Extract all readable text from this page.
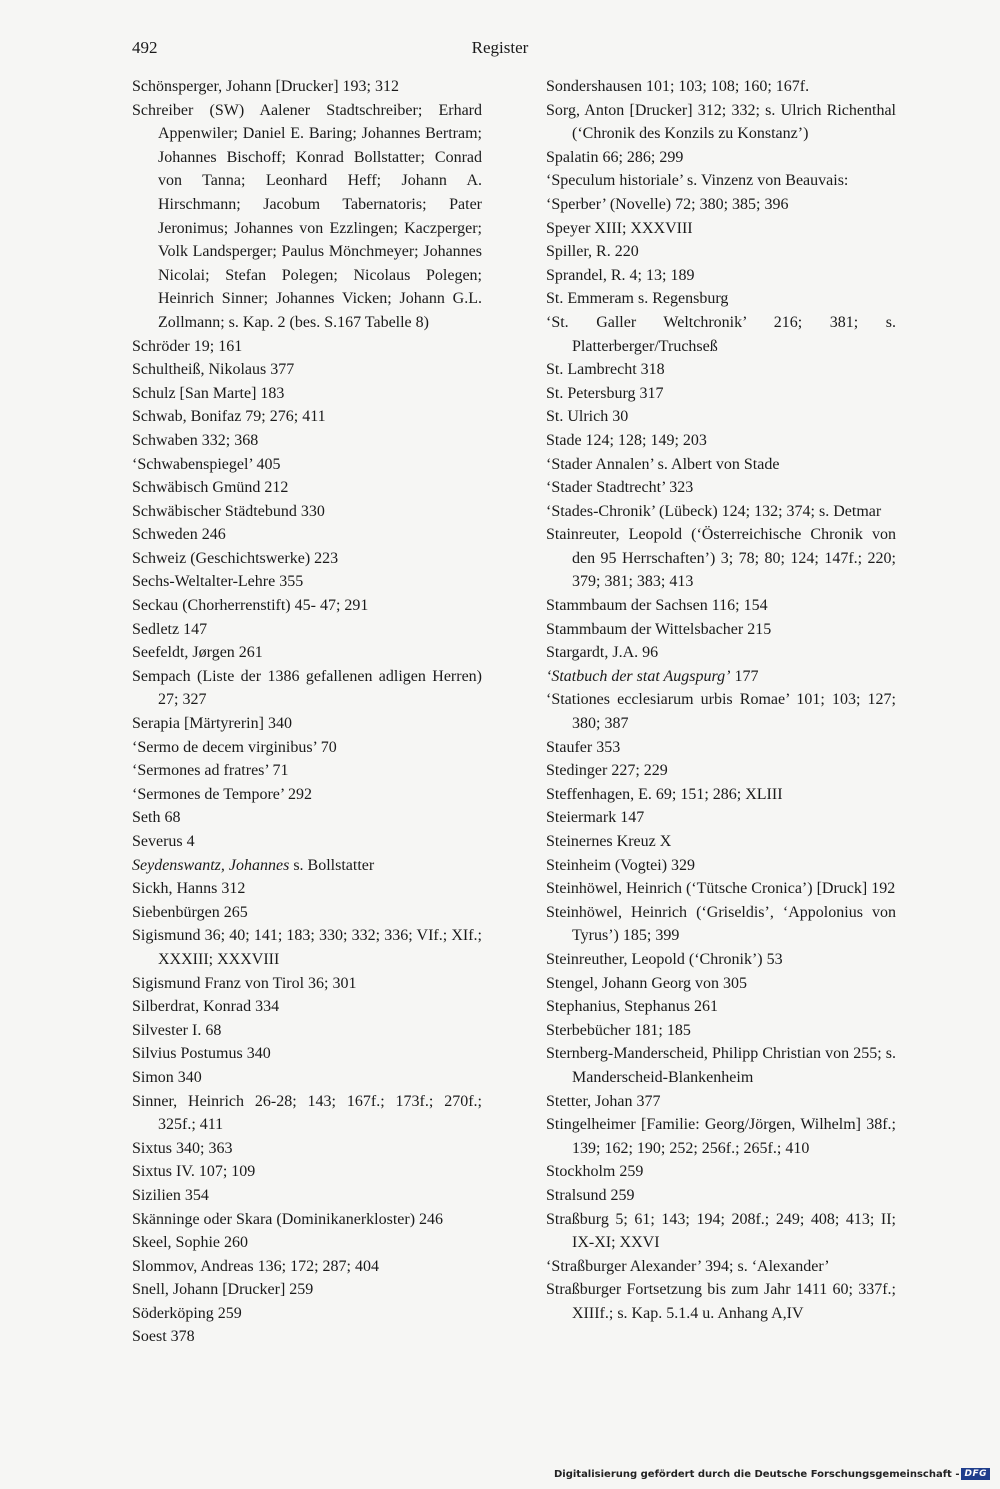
492	Register
Schönsperger, Johann [Drucker] 193; 312
Schreiber (SW) Aalener Stadtschreiber; Erhard Appenwiler; Daniel E. Baring; Johannes Bertram; Johannes Bischoff; Konrad Bollstatter; Conrad von Tanna; Leonhard Heff; Johann A. Hirschmann; Jacobum Tabernatoris; Pater Jeronimus; Johannes von Ezzlingen; Kaczperger; Volk Landsperger; Paulus Mönchmeyer; Johannes Nicolai; Stefan Polegen; Nicolaus Polegen; Heinrich Sinner; Johannes Vicken; Johann G.L. Zollmann; s. Kap. 2 (bes. S.167 Tabelle 8)
Schröder 19; 161
Schultheiß, Nikolaus 377
Schulz [San Marte] 183
Schwab, Bonifaz 79; 276; 411
Schwaben 332; 368
‘Schwabenspiegel’ 405
Schwäbisch Gmünd 212
Schwäbischer Städtebund 330
Schweden 246
Schweiz (Geschichtswerke) 223
Sechs-Weltalter-Lehre 355
Seckau (Chorherrenstift) 45- 47; 291
Sedletz 147
Seefeldt, Jørgen 261
Sempach (Liste der 1386 gefallenen adligen Herren) 27; 327
Serapia [Märtyrerin] 340
‘Sermo de decem virginibus’ 70
‘Sermones ad fratres’ 71
‘Sermones de Tempore’ 292
Seth 68
Severus 4
Seydenswantz, Johannes s. Bollstatter
Sickh, Hanns 312
Siebenbürgen 265
Sigismund 36; 40; 141; 183; 330; 332; 336; VIf.; XIf.; XXXIII; XXXVIII
Sigismund Franz von Tirol 36; 301
Silberdrat, Konrad 334
Silvester I. 68
Silvius Postumus 340
Simon 340
Sinner, Heinrich 26-28; 143; 167f.; 173f.; 270f.; 325f.; 411
Sixtus 340; 363
Sixtus IV. 107; 109
Sizilien 354
Skänninge oder Skara (Dominikanerkloster) 246
Skeel, Sophie 260
Slommov, Andreas 136; 172; 287; 404
Snell, Johann [Drucker] 259
Söderköping 259
Soest 378
Sondershausen 101; 103; 108; 160; 167f.
Sorg, Anton [Drucker] 312; 332; s. Ulrich Richenthal (‘Chronik des Konzils zu Konstanz’)
Spalatin 66; 286; 299
‘Speculum historiale’ s. Vinzenz von Beauvais:
‘Sperber’ (Novelle) 72; 380; 385; 396
Speyer XIII; XXXVIII
Spiller, R. 220
Sprandel, R. 4; 13; 189
St. Emmeram s. Regensburg
‘St. Galler Weltchronik’ 216; 381; s. Platterberger/Truchseß
St. Lambrecht 318
St. Petersburg 317
St. Ulrich 30
Stade 124; 128; 149; 203
‘Stader Annalen’ s. Albert von Stade
‘Stader Stadtrecht’ 323
‘Stades-Chronik’ (Lübeck) 124; 132; 374; s. Detmar
Stainreuter, Leopold (‘Österreichische Chronik von den 95 Herrschaften’) 3; 78; 80; 124; 147f.; 220; 379; 381; 383; 413
Stammbaum der Sachsen 116; 154
Stammbaum der Wittelsbacher 215
Stargardt, J.A. 96
‘Statbuch der stat Augspurg’ 177
‘Stationes ecclesiarum urbis Romae’ 101; 103; 127; 380; 387
Staufer 353
Stedinger 227; 229
Steffenhagen, E. 69; 151; 286; XLIII
Steiermark 147
Steinernes Kreuz X
Steinheim (Vogtei) 329
Steinhöwel, Heinrich (‘Tütsche Cronica’) [Druck] 192
Steinhöwel, Heinrich (‘Griseldis’, ‘Appolonius von Tyrus’) 185; 399
Steinreuther, Leopold (‘Chronik’) 53
Stengel, Johann Georg von 305
Stephanius, Stephanus 261
Sterbebücher 181; 185
Sternberg-Manderscheid, Philipp Christian von 255; s. Manderscheid-Blankenheim
Stetter, Johan 377
Stingelheimer [Familie: Georg/Jörgen, Wilhelm] 38f.; 139; 162; 190; 252; 256f.; 265f.; 410
Stockholm 259
Stralsund 259
Straßburg 5; 61; 143; 194; 208f.; 249; 408; 413; II; IX-XI; XXVI
‘Straßburger Alexander’ 394; s. ‘Alexander’
Straßburger Fortsetzung bis zum Jahr 1411 60; 337f.; XIIIf.; s. Kap. 5.1.4 u. Anhang A,IV
Digitalisierung gefördert durch die Deutsche Forschungsgemeinschaft - DFG
